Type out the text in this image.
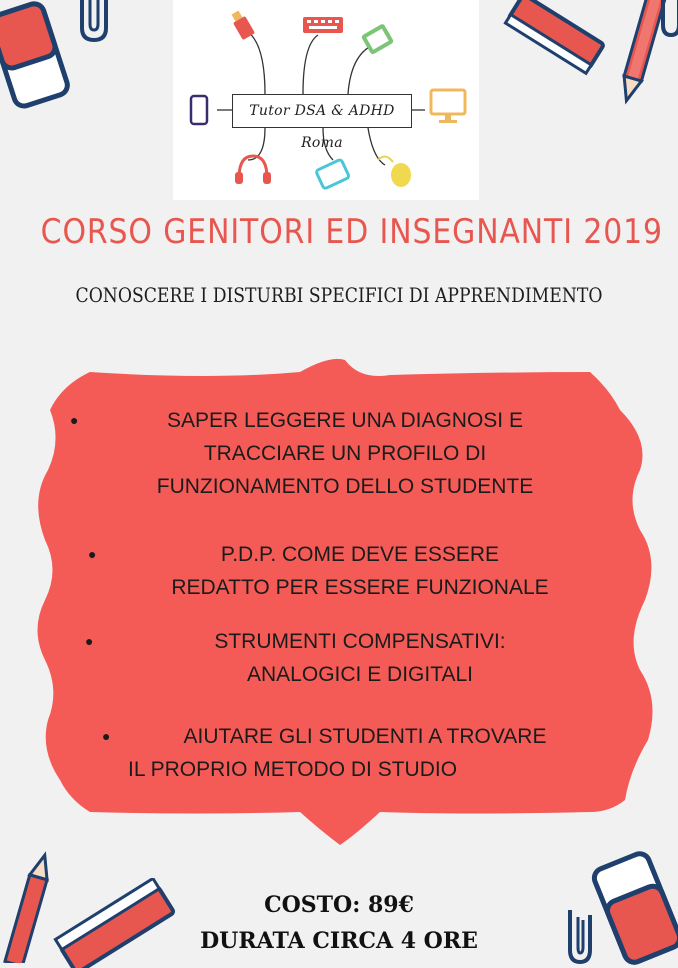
Tutor DSA & ADHD Roma
CORSO GENITORI ED INSEGNANTI 2019
CONOSCERE I DISTURBI SPECIFICI DI APPRENDIMENTO
●	SAPER LEGGERE UNA DIAGNOSI E
TRACCIARE UN PROFILO DI
FUNZIONAMENTO DELLO STUDENTE
●	P.D.P. COME DEVE ESSERE
REDATTO PER ESSERE FUNZIONALE
●	STRUMENTI COMPENSATIVI:
ANALOGICI E DIGITALI
●	AIUTARE GLI STUDENTI A TROVARE
IL PROPRIO METODO DI STUDIO
COSTO: 89€
DURATA CIRCA 4 ORE
